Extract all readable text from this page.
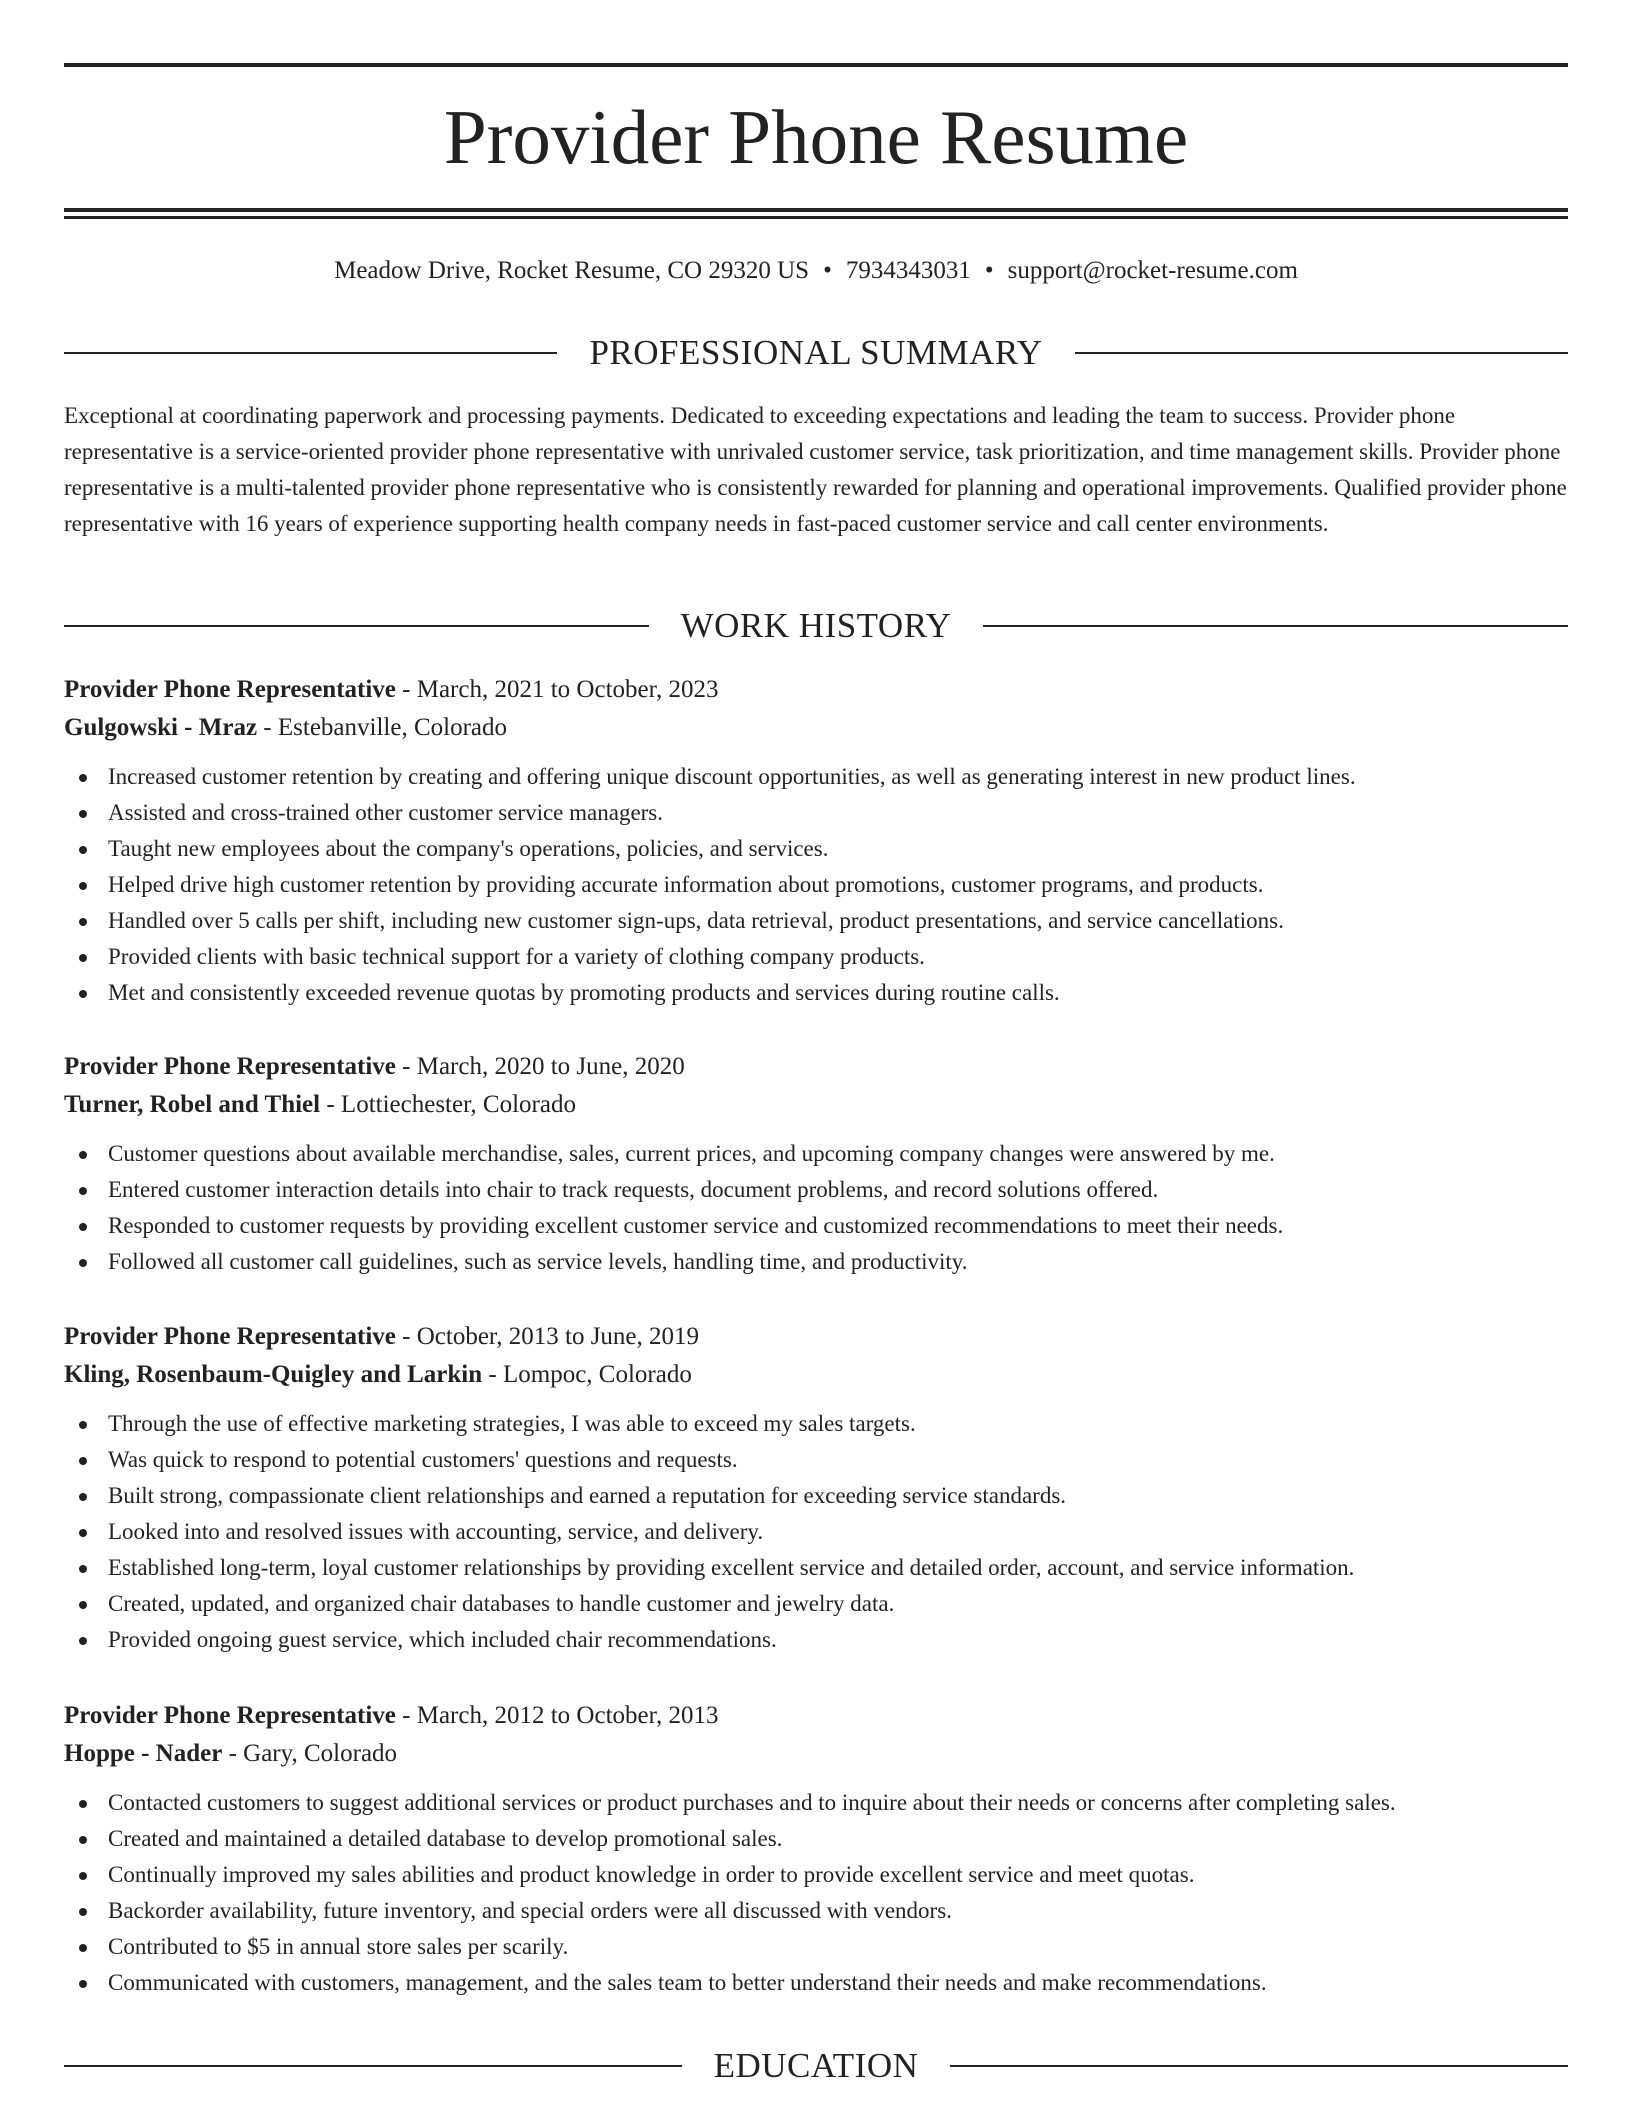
Provider Phone Resume
Meadow Drive, Rocket Resume, CO 29320 US • 7934343031 • support@rocket-resume.com
PROFESSIONAL SUMMARY

Exceptional at coordinating paperwork and processing payments. Dedicated to exceeding expectations and leading the team to success. Provider phone representative is a service-oriented provider phone representative with unrivaled customer service, task prioritization, and time management skills. Provider phone representative is a multi-talented provider phone representative who is consistently rewarded for planning and operational improvements. Qualified provider phone representative with 16 years of experience supporting health company needs in fast-paced customer service and call center environments.

WORK HISTORY

Provider Phone Representative - March, 2021 to October, 2023

Gulgowski - Mraz - Estebanville, Colorado

Increased customer retention by creating and offering unique discount opportunities, as well as generating interest in new product lines.
Assisted and cross-trained other customer service managers.
Taught new employees about the company's operations, policies, and services.
Helped drive high customer retention by providing accurate information about promotions, customer programs, and products.
Handled over 5 calls per shift, including new customer sign-ups, data retrieval, product presentations, and service cancellations.
Provided clients with basic technical support for a variety of clothing company products.
Met and consistently exceeded revenue quotas by promoting products and services during routine calls.

Provider Phone Representative - March, 2020 to June, 2020

Turner, Robel and Thiel - Lottiechester, Colorado

Customer questions about available merchandise, sales, current prices, and upcoming company changes were answered by me.
Entered customer interaction details into chair to track requests, document problems, and record solutions offered.
Responded to customer requests by providing excellent customer service and customized recommendations to meet their needs.
Followed all customer call guidelines, such as service levels, handling time, and productivity.

Provider Phone Representative - October, 2013 to June, 2019

Kling, Rosenbaum-Quigley and Larkin - Lompoc, Colorado

Through the use of effective marketing strategies, I was able to exceed my sales targets.
Was quick to respond to potential customers' questions and requests.
Built strong, compassionate client relationships and earned a reputation for exceeding service standards.
Looked into and resolved issues with accounting, service, and delivery.
Established long-term, loyal customer relationships by providing excellent service and detailed order, account, and service information.
Created, updated, and organized chair databases to handle customer and jewelry data.
Provided ongoing guest service, which included chair recommendations.

Provider Phone Representative - March, 2012 to October, 2013

Hoppe - Nader - Gary, Colorado

Contacted customers to suggest additional services or product purchases and to inquire about their needs or concerns after completing sales.
Created and maintained a detailed database to develop promotional sales.
Continually improved my sales abilities and product knowledge in order to provide excellent service and meet quotas.
Backorder availability, future inventory, and special orders were all discussed with vendors.
Contributed to $5 in annual store sales per scarily.
Communicated with customers, management, and the sales team to better understand their needs and make recommendations.
EDUCATION
